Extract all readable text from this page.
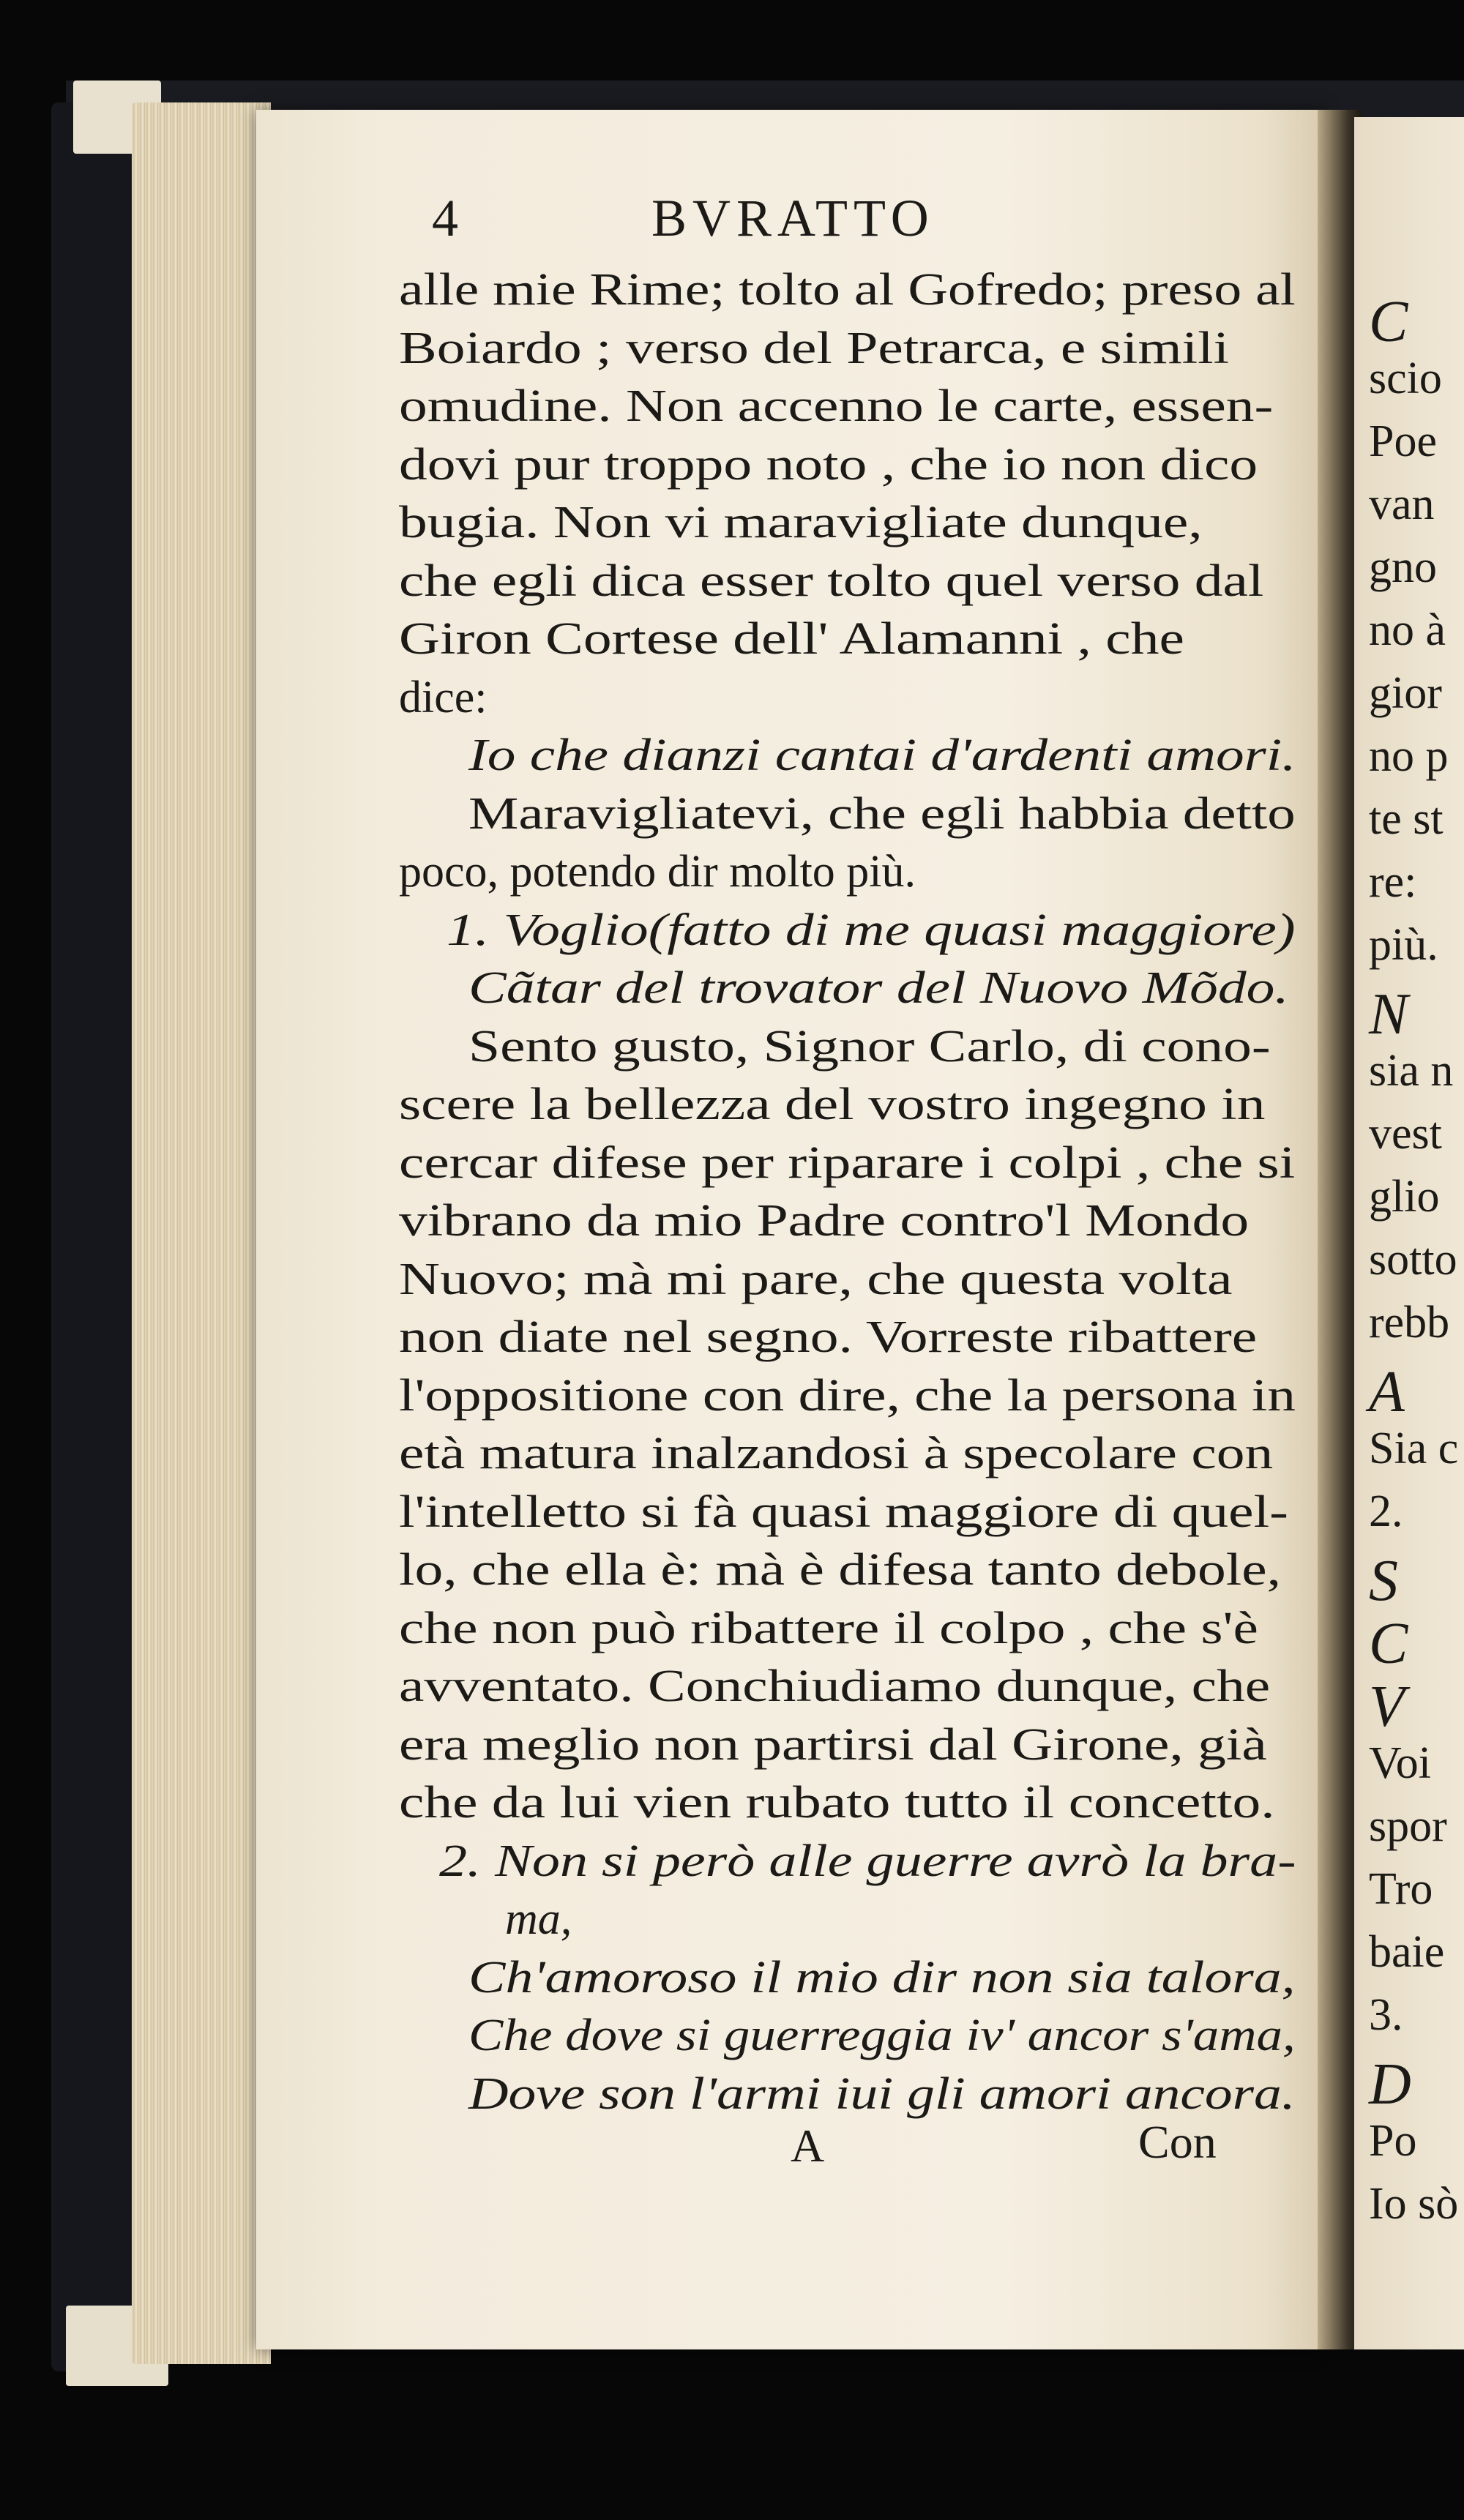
4	BVRATTO
alle mie Rime; tolto al Gofredo; preso al
Boiardo ; verso del Petrarca, e simili
omudine. Non accenno le carte, essen-
dovi pur troppo noto , che io non dico
bugia. Non vi maravigliate dunque,
che egli dica esser tolto quel verso dal
Giron Cortese dell' Alamanni , che
dice:
Io che dianzi cantai d'ardenti amori.
Maravigliatevi, che egli habbia detto
poco, potendo dir molto più.
1. Voglio(fatto di me quasi maggiore)
Cãtar del trovator del Nuovo Mõdo.
Sento gusto, Signor Carlo, di cono-
scere la bellezza del vostro ingegno in
cercar difese per riparare i colpi , che si
vibrano da mio Padre contro'l Mondo
Nuovo; mà mi pare, che questa volta
non diate nel segno. Vorreste ribattere
l'oppositione con dire, che la persona in
età matura inalzandosi à specolare con
l'intelletto si fà quasi maggiore di quel-
lo, che ella è: mà è difesa tanto debole,
che non può ribattere il colpo , che s'è
avventato. Conchiudiamo dunque, che
era meglio non partirsi dal Girone, già
che da lui vien rubato tutto il concetto.
2. Non si però alle guerre avrò la bra-
ma,
Ch'amoroso il mio dir non sia talora,
Che dove si guerreggia iv' ancor s'ama,
Dove son l'armi iui gli amori ancora.
Con
A
C
scio
Poe
van
gno
no à
gior
no p
te st
re:
più.
N
sia n
vest
glio
sotto
rebb
A
Sia c
2.
S
C
V
Voi
spor
Tro
baie
3.
D
Po
Io sò
